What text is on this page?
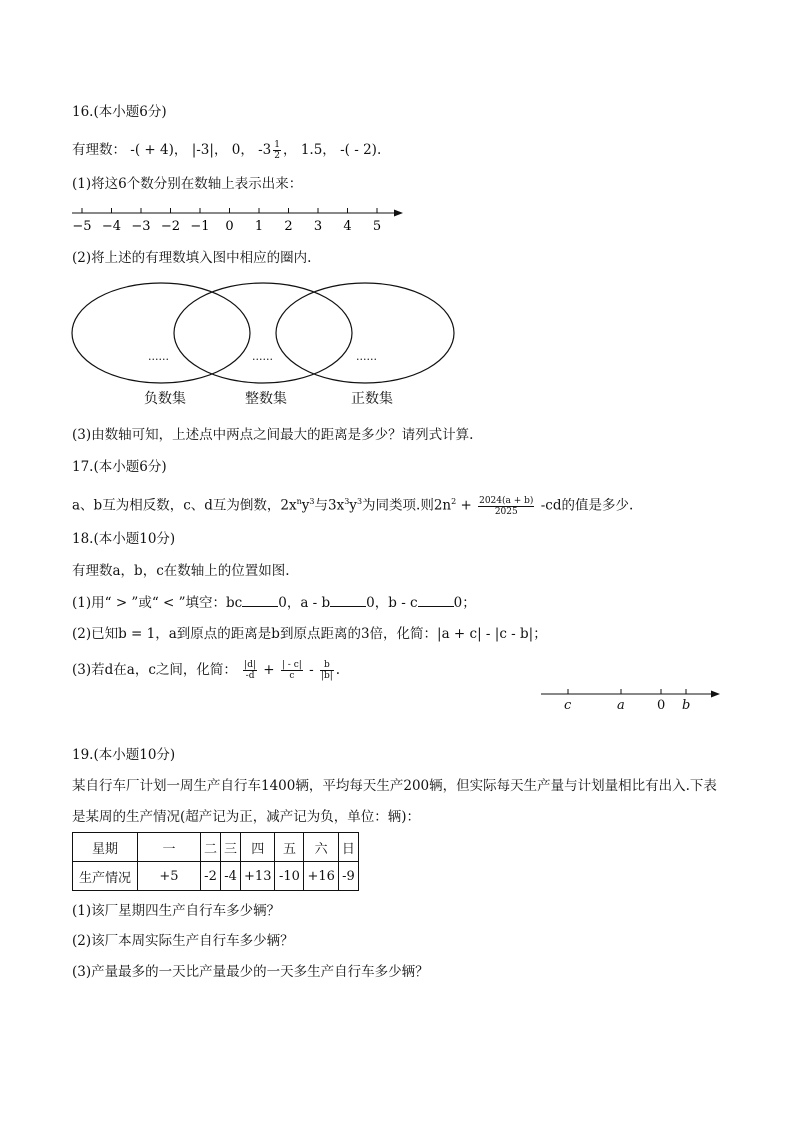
16.(本小题6分)
有理数： -( + 4)， |-3|， 0， $-3 \frac{1}{2}$ ， 1.5， -( - 2).
(1)将这6个数分别在数轴上表示出来：
−5 −4 −3 −2 −1 0 1 2 3 4 5
(2)将上述的有理数填入图中相应的圈内.
......	......	......
负数集	整数集	正数集
(3)由数轴可知，上述点中两点之间最大的距离是多少？请列式计算.
17.(本小题6分)
a、b互为相反数，c、d互为倒数，$2x^ny^3$与$3x^3y^3$为同类项.则$2n^2 + \frac{2024(a + b)}{2025} -cd$的值是多少.
18.(本小题10分)
有理数a，b，c在数轴上的位置如图.
(1)用“ > ”或“ < ”填空：bc	0，a - b	0，b - c	0；
(2)已知b = 1，a到原点的距离是b到原点距离的3倍，化简：|a + c| - |c - b|；
(3)若d在a，c之间，化简： $\frac{|d|}{-d} + \frac{| - c|}{c} - \frac{b}{|b|}$ .
c	a 0 b
19.(本小题10分)
某自行车厂计划一周生产自行车1400辆，平均每天生产200辆，但实际每天生产量与计划量相比有出入.下表
是某周的生产情况(超产记为正，减产记为负，单位：辆)：
星期	一	二	三	四	五	六	日
生产情况	+5	-2	-4	+13	-10	+16	-9
(1)该厂星期四生产自行车多少辆？
(2)该厂本周实际生产自行车多少辆？
(3)产量最多的一天比产量最少的一天多生产自行车多少辆？
